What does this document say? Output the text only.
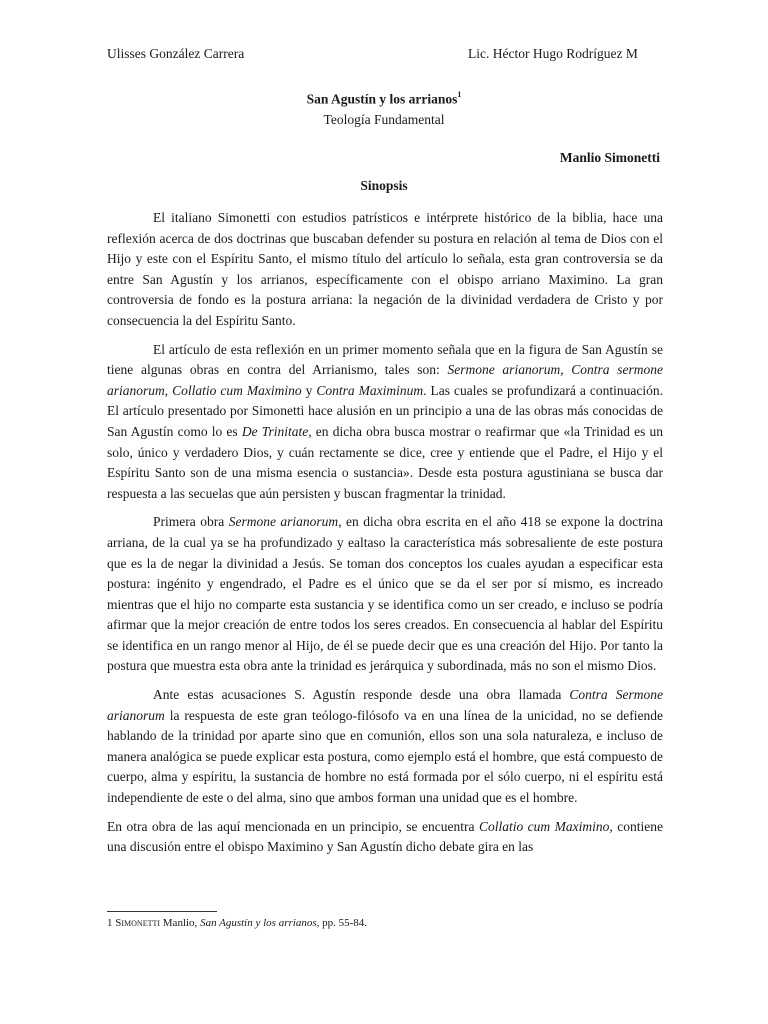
Ulisses González Carrera	Lic. Héctor Hugo Rodríguez M
San Agustín y los arrianos$^1$
Teología Fundamental
Manlio Simonetti
Sinopsis

El italiano Simonetti con estudios patrísticos e intérprete histórico de la biblia, hace una reflexión acerca de dos doctrinas que buscaban defender su postura en relación al tema de Dios con el Hijo y este con el Espíritu Santo, el mismo título del artículo lo señala, esta gran controversia se da entre San Agustín y los arrianos, específicamente con el obispo arriano Maximino. La gran controversia de fondo es la postura arriana: la negación de la divinidad verdadera de Cristo y por consecuencia la del Espíritu Santo.

El artículo de esta reflexión en un primer momento señala que en la figura de San Agustín se tiene algunas obras en contra del Arrianismo, tales son: Sermone arianorum, Contra sermone arianorum, Collatio cum Maximino y Contra Maximinum. Las cuales se profundizará a continuación. El artículo presentado por Simonetti hace alusión en un principio a una de las obras más conocidas de San Agustín como lo es De Trinitate, en dicha obra busca mostrar o reafirmar que «la Trinidad es un solo, único y verdadero Dios, y cuán rectamente se dice, cree y entiende que el Padre, el Hijo y el Espíritu Santo son de una misma esencia o sustancia». Desde esta postura agustiniana se busca dar respuesta a las secuelas que aún persisten y buscan fragmentar la trinidad.

Primera obra Sermone arianorum, en dicha obra escrita en el año 418 se expone la doctrina arriana, de la cual ya se ha profundizado y ealtaso la característica más sobresaliente de este postura que es la de negar la divinidad a Jesús. Se toman dos conceptos los cuales ayudan a especificar esta postura: ingénito y engendrado, el Padre es el único que se da el ser por sí mismo, es increado mientras que el hijo no comparte esta sustancia y se identifica como un ser creado, e incluso se podría afirmar que la mejor creación de entre todos los seres creados. En consecuencia al hablar del Espíritu se identifica en un rango menor al Hijo, de él se puede decir que es una creación del Hijo. Por tanto la postura que muestra esta obra ante la trinidad es jerárquica y subordinada, más no son el mismo Dios.

Ante estas acusaciones S. Agustín responde desde una obra llamada Contra Sermone arianorum la respuesta de este gran teólogo-filósofo va en una línea de la unicidad, no se defiende hablando de la trinidad por aparte sino que en comunión, ellos son una sola naturaleza, e incluso de manera analógica se puede explicar esta postura, como ejemplo está el hombre, que está compuesto de cuerpo, alma y espíritu, la sustancia de hombre no está formada por el sólo cuerpo, ni el espíritu está independiente de este o del alma, sino que ambos forman una unidad que es el hombre.

En otra obra de las aquí mencionada en un principio, se encuentra Collatio cum Maximino, contiene una discusión entre el obispo Maximino y San Agustín dicho debate gira en las

1 Simonetti Manlio, San Agustín y los arrianos, pp. 55-84.
